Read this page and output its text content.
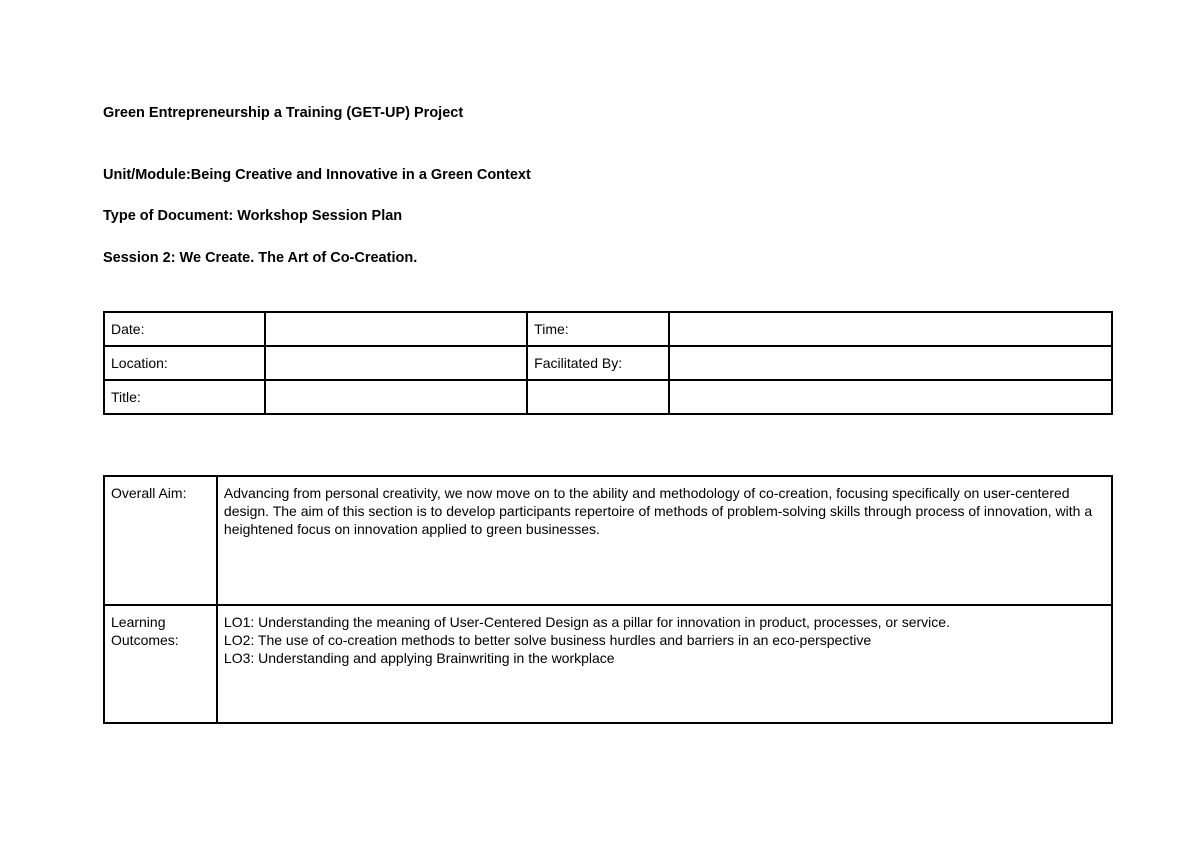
Green Entrepreneurship a Training (GET-UP) Project

Unit/Module:Being Creative and Innovative in a Green Context

Type of Document: Workshop Session Plan

Session 2: We Create. The Art of Co-Creation.

Date:		Time:	
Location:		Facilitated By:	
Title:			
Overall Aim:	Advancing from personal creativity, we now move on to the ability and methodology of co-creation, focusing specifically on user-centered design. The aim of this section is to develop participants repertoire of methods of problem-solving skills through process of innovation, with a heightened focus on innovation applied to green businesses.
Learning Outcomes:	LO1: Understanding the meaning of User-Centered Design as a pillar for innovation in product, processes, or service.
LO2: The use of co-creation methods to better solve business hurdles and barriers in an eco-perspective
LO3: Understanding and applying Brainwriting in the workplace
